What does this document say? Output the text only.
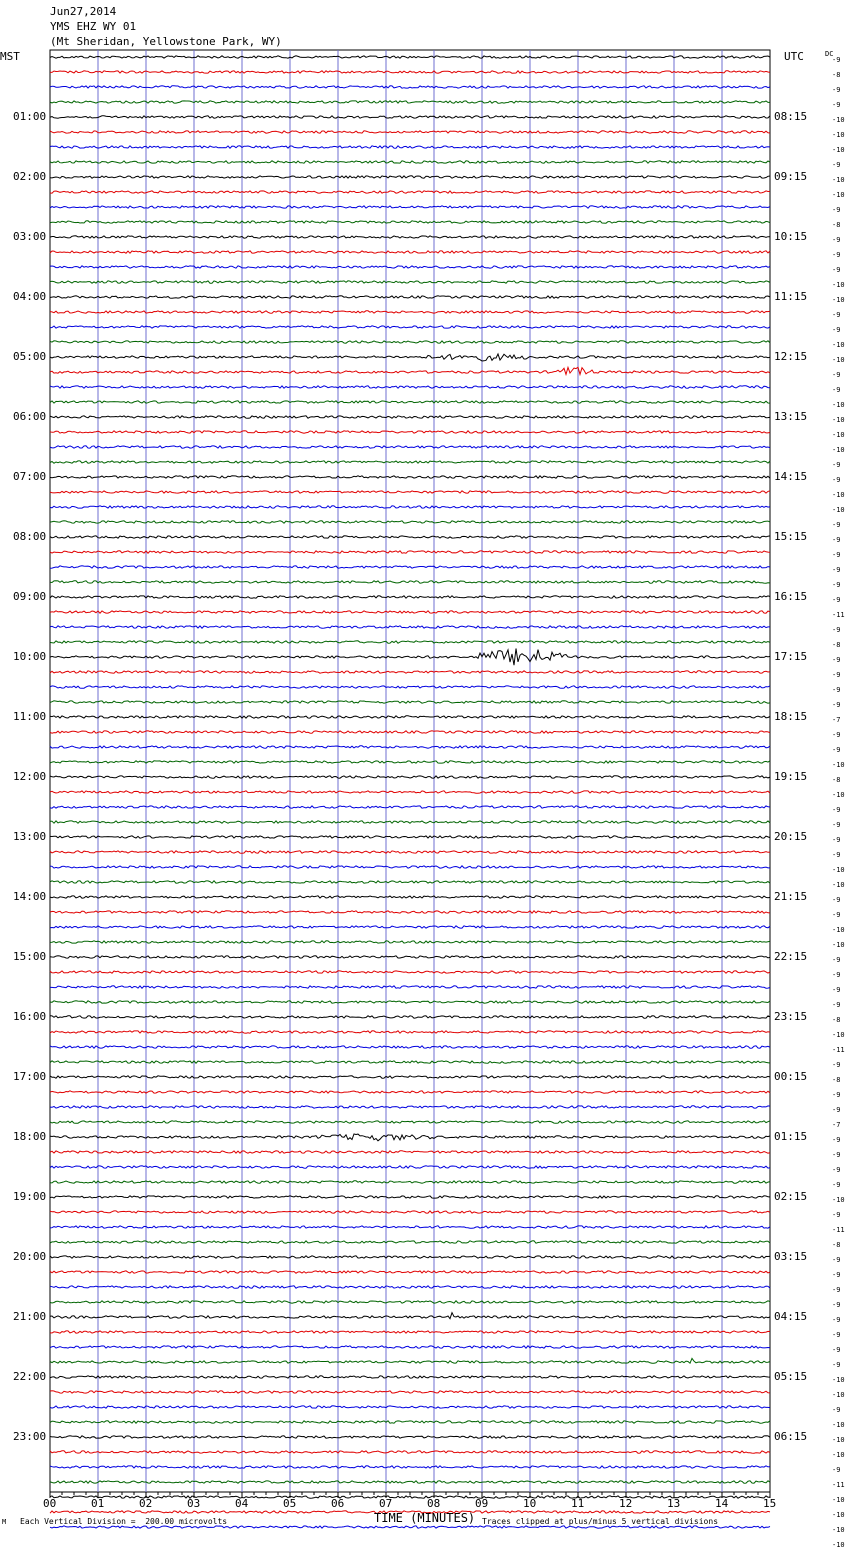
Jun27,2014
YMS EHZ WY 01
(Mt Sheridan, Yellowstone Park, WY)
MST	UTC	DC
01:00
02:00
03:00
04:00
05:00
06:00
07:00
08:00
09:00
10:00
11:00
12:00
13:00
14:00
15:00
16:00
17:00
18:00
19:00
20:00
21:00
22:00
23:00
08:15
09:15
10:15
11:15
12:15
13:15
14:15
15:15
16:15
17:15
18:15
19:15
20:15
21:15
22:15
23:15
00:15
01:15
02:15
03:15
04:15
05:15
06:15
-9
-8
-9
-9
-10
-10
-10
-9
-10
-10
-9
-8
-9
-9
-9
-10
-10
-9
-9
-10
-10
-9
-9
-10
-10
-10
-10
-9
-9
-10
-10
-9
-9
-9
-9
-9
-9
-11
-9
-8
-9
-9
-9
-9
-7
-9
-9
-10
-8
-10
-9
-9
-9
-9
-10
-10
-9
-9
-10
-10
-9
-9
-9
-9
-8
-10
-11
-9
-8
-9
-9
-7
-9
-9
-9
-9
-10
-9
-11
-8
-9
-9
-9
-9
-9
-9
-9
-9
-10
-10
-9
-10
-10
-10
-9
-11
-10
-10
-10
-10
00	01	02	03	04	05	06	07	08	09	10	11	12	13	14	15
TIME (MINUTES)
Each Vertical Division =  200.00 microvolts	Traces clipped at plus/minus 5 vertical divisions
M
